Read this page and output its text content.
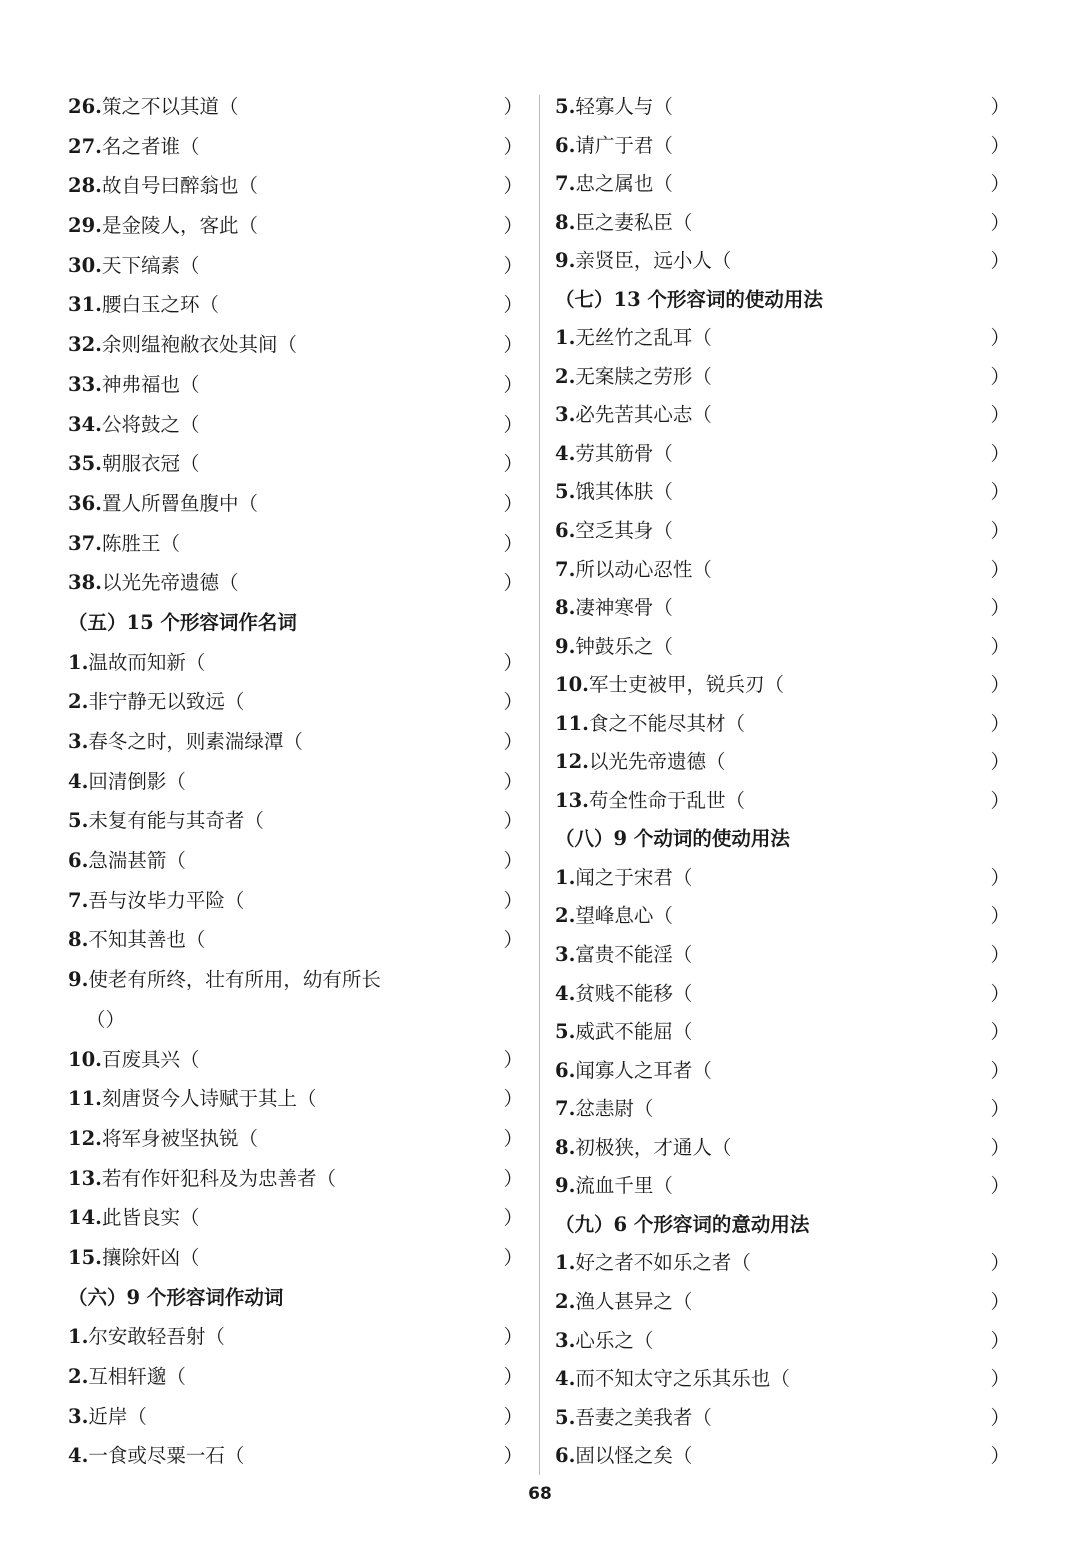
26.策之不以其道（	）
27.名之者谁（	）
28.故自号曰醉翁也（	）
29.是金陵人，客此（	）
30.天下缟素（	）
31.腰白玉之环（	）
32.余则缊袍敝衣处其间（	）
33.神弗福也（	）
34.公将鼓之（	）
35.朝服衣冠（	）
36.置人所罾鱼腹中（	）
37.陈胜王（	）
38.以光先帝遗德（	）
（五）15 个形容词作名词
1.温故而知新（	）
2.非宁静无以致远（	）
3.春冬之时，则素湍绿潭（	）
4.回清倒影（	）
5.未复有能与其奇者（	）
6.急湍甚箭（	）
7.吾与汝毕力平险（	）
8.不知其善也（	）
9.使老有所终，壮有所用，幼有所长
（）
10.百废具兴（	）
11.刻唐贤今人诗赋于其上（	）
12.将军身被坚执锐（	）
13.若有作奸犯科及为忠善者（	）
14.此皆良实（	）
15.攘除奸凶（	）
（六）9 个形容词作动词
1.尔安敢轻吾射（	）
2.互相轩邈（	）
3.近岸（	）
4.一食或尽粟一石（	）
5.轻寡人与（	）
6.请广于君（	）
7.忠之属也（	）
8.臣之妻私臣（	）
9.亲贤臣，远小人（	）
（七）13 个形容词的使动用法
1.无丝竹之乱耳（	）
2.无案牍之劳形（	）
3.必先苦其心志（	）
4.劳其筋骨（	）
5.饿其体肤（	）
6.空乏其身（	）
7.所以动心忍性（	）
8.凄神寒骨（	）
9.钟鼓乐之（	）
10.军士吏被甲，锐兵刃（	）
11.食之不能尽其材（	）
12.以光先帝遗德（	）
13.苟全性命于乱世（	）
（八）9 个动词的使动用法
1.闻之于宋君（	）
2.望峰息心（	）
3.富贵不能淫（	）
4.贫贱不能移（	）
5.威武不能屈（	）
6.闻寡人之耳者（	）
7.忿恚尉（	）
8.初极狭，才通人（	）
9.流血千里（	）
（九）6 个形容词的意动用法
1.好之者不如乐之者（	）
2.渔人甚异之（	）
3.心乐之（	）
4.而不知太守之乐其乐也（	）
5.吾妻之美我者（	）
6.固以怪之矣（	）
68
